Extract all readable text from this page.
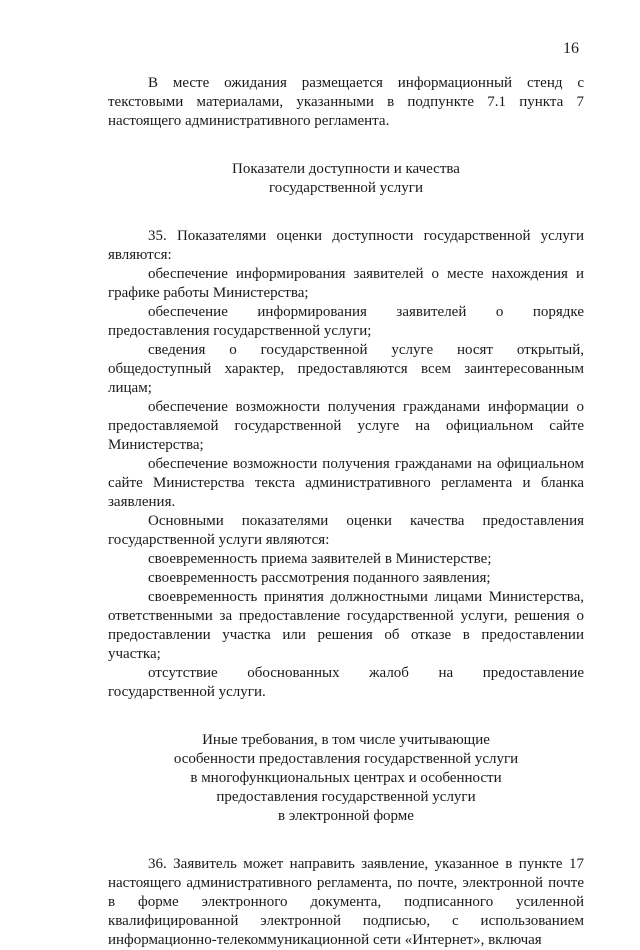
16

В месте ожидания размещается информационный стенд с текстовыми материалами, указанными в подпункте 7.1 пункта 7 настоящего административного регламента.

Показатели доступности и качества

государственной услуги

35. Показателями оценки доступности государственной услуги являются:

обеспечение информирования заявителей о месте нахождения и графике работы Министерства;

обеспечение информирования заявителей о порядке предоставления государственной услуги;

сведения о государственной услуге носят открытый, общедоступный характер, предоставляются всем заинтересованным лицам;

обеспечение возможности получения гражданами информации о предоставляемой государственной услуге на официальном сайте Министерства;

обеспечение возможности получения гражданами на официальном сайте Министерства текста административного регламента и бланка заявления.

Основными показателями оценки качества предоставления государственной услуги являются:

своевременность приема заявителей в Министерстве;

своевременность рассмотрения поданного заявления;

своевременность принятия должностными лицами Министерства, ответственными за предоставление государственной услуги, решения о предоставлении участка или решения об отказе в предоставлении участка;

отсутствие обоснованных жалоб на предоставление государственной услуги.

Иные требования, в том числе учитывающие

особенности предоставления государственной услуги

в многофункциональных центрах и особенности

предоставления государственной услуги

в электронной форме

36. Заявитель может направить заявление, указанное в пункте 17 настоящего административного регламента, по почте, электронной почте в форме электронного документа, подписанного усиленной квалифицированной электронной подписью, с использованием информационно-телекоммуникационной сети «Интернет», включая
